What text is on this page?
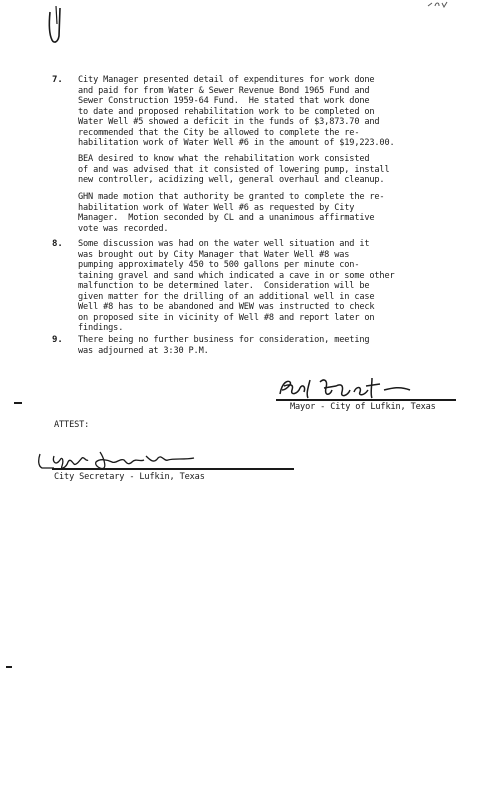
7. City Manager presented detail of expenditures for work done
and paid for from Water & Sewer Revenue Bond 1965 Fund and
Sewer Construction 1959-64 Fund.  He stated that work done
to date and proposed rehabilitation work to be completed on
Water Well #5 showed a deficit in the funds of $3,873.70 and
recommended that the City be allowed to complete the re-
habilitation work of Water Well #6 in the amount of $19,223.00.
BEA desired to know what the rehabilitation work consisted
of and was advised that it consisted of lowering pump, install
new controller, acidizing well, general overhaul and cleanup.
GHN made motion that authority be granted to complete the re-
habilitation work of Water Well #6 as requested by City
Manager.  Motion seconded by CL and a unanimous affirmative
vote was recorded.
8. Some discussion was had on the water well situation and it
was brought out by City Manager that Water Well #8 was
pumping approximately 450 to 500 gallons per minute con-
taining gravel and sand which indicated a cave in or some other
malfunction to be determined later.  Consideration will be
given matter for the drilling of an additional well in case
Well #8 has to be abandoned and WEW was instructed to check
on proposed site in vicinity of Well #8 and report later on
findings.
9. There being no further business for consideration, meeting
was adjourned at 3:30 P.M.
Mayor - City of Lufkin, Texas
ATTEST:
City Secretary - Lufkin, Texas
